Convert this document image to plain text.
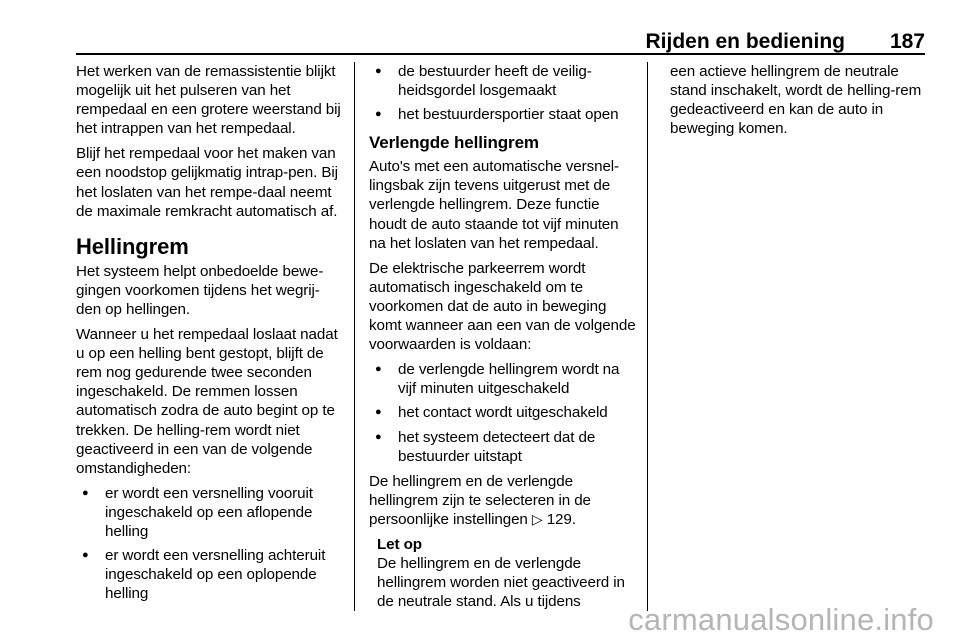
Rijden en bediening 187

Het werken van de remassistentie blijkt mogelijk uit het pulseren van het rempedaal en een grotere weerstand bij het intrappen van het rempedaal.

Blijf het rempedaal voor het maken van een noodstop gelijkmatig intrap-pen. Bij het loslaten van het rempe-daal neemt de maximale remkracht automatisch af.

Hellingrem

Het systeem helpt onbedoelde bewe-gingen voorkomen tijdens het wegrij-den op hellingen.

Wanneer u het rempedaal loslaat nadat u op een helling bent gestopt, blijft de rem nog gedurende twee seconden ingeschakeld. De remmen lossen automatisch zodra de auto begint op te trekken. De helling-rem wordt niet geactiveerd in een van de volgende omstandigheden:

● er wordt een versnelling vooruit ingeschakeld op een aflopende helling
● er wordt een versnelling achteruit ingeschakeld op een oplopende helling
● de bestuurder heeft de veilig-heidsgordel losgemaakt
● het bestuurdersportier staat open
Verlengde hellingrem

Auto's met een automatische versnel-lingsbak zijn tevens uitgerust met de verlengde hellingrem. Deze functie houdt de auto staande tot vijf minuten na het loslaten van het rempedaal.

De elektrische parkeerrem wordt automatisch ingeschakeld om te voorkomen dat de auto in beweging komt wanneer aan een van de volgende voorwaarden is voldaan:

● de verlengde hellingrem wordt na vijf minuten uitgeschakeld
● het contact wordt uitgeschakeld
● het systeem detecteert dat de bestuurder uitstapt

De hellingrem en de verlengde hellingrem zijn te selecteren in de persoonlijke instellingen ▷ 129.

Let op
De hellingrem en de verlengde hellingrem worden niet geactiveerd in de neutrale stand. Als u tijdens

een actieve hellingrem de neutrale stand inschakelt, wordt de helling-rem gedeactiveerd en kan de auto in beweging komen.

carmanualsonline.info
